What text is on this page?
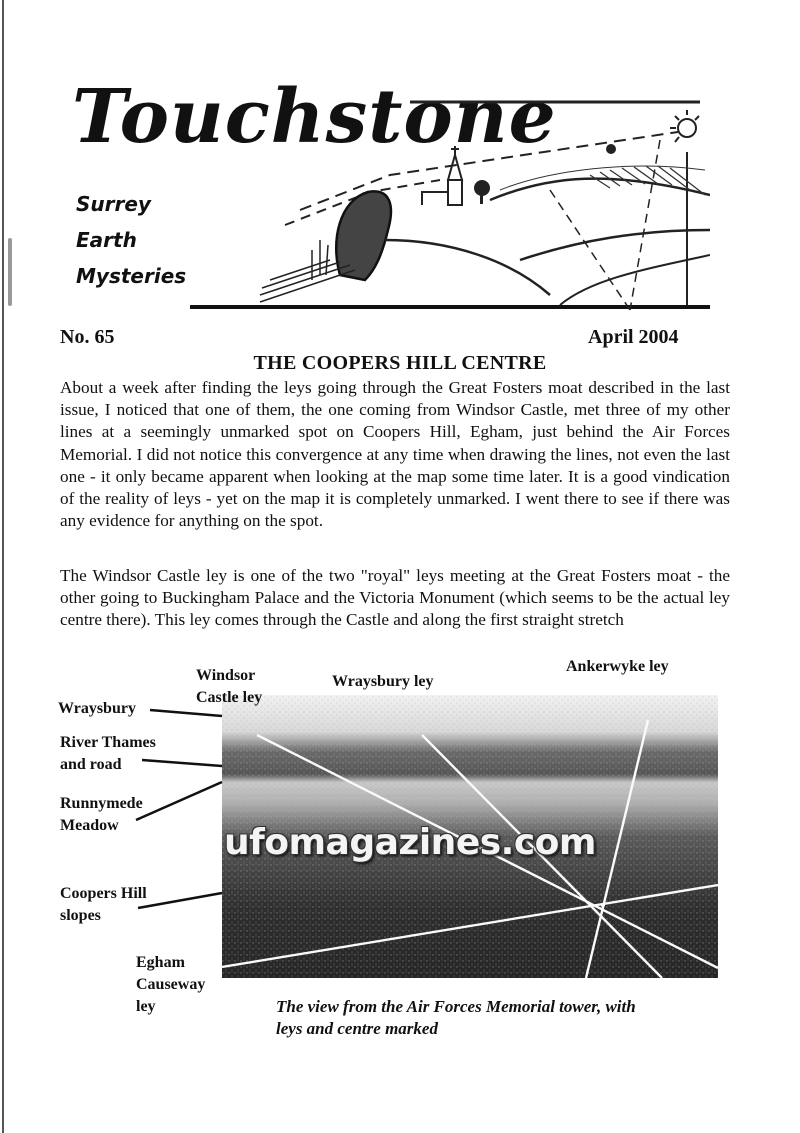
Touchstone
Surrey
Earth
Mysteries
No. 65	April 2004
THE COOPERS HILL CENTRE
About a week after finding the leys going through the Great Fosters moat described in the last issue, I noticed that one of them, the one coming from Windsor Castle, met three of my other lines at a seemingly unmarked spot on Coopers Hill, Egham, just behind the Air Forces Memorial. I did not notice this convergence at any time when drawing the lines, not even the last one - it only became apparent when looking at the map some time later. It is a good vindication of the reality of leys - yet on the map it is completely unmarked. I went there to see if there was any evidence for anything on the spot.
The Windsor Castle ley is one of the two "royal" leys meeting at the Great Fosters moat - the other going to Buckingham Palace and the Victoria Monument (which seems to be the actual ley centre there). This ley comes through the Castle and along the first straight stretch
ufomagazines.com
Windsor
Castle ley
Wraysbury ley
Ankerwyke ley
Wraysbury
River Thames
and road
Runnymede
Meadow
Coopers Hill
slopes
Egham
Causeway
ley	The view from the Air Forces Memorial tower, with
leys and centre marked
